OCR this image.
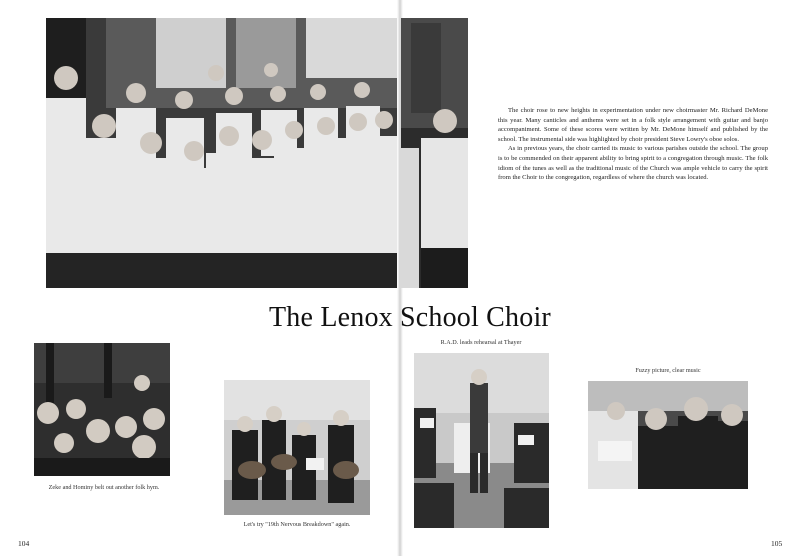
The choir rose to new heights in experimentation under new choirmaster Mr. Richard DeMone this year. Many canticles and anthems were set in a folk style arrangement with guitar and banjo accompaniment. Some of these scores were written by Mr. DeMone himself and published by the school. The instrumental side was highlighted by choir president Steve Lowry's oboe solos.

As in previous years, the choir carried its music to various parishes outside the school. The group is to be commended on their apparent ability to bring spirit to a congregation through music. The folk idiom of the tunes as well as the traditional music of the Church was ample vehicle to carry the spirit from the Choir to the congregation, regardless of where the church was located.

The Lenox School Choir
Zeke and Hominy belt out another folk hym.
Let's try "19th Nervous Breakdown" again.
R.A.D. leads rehearsal at Thayer
Fuzzy picture, clear music
104	105
